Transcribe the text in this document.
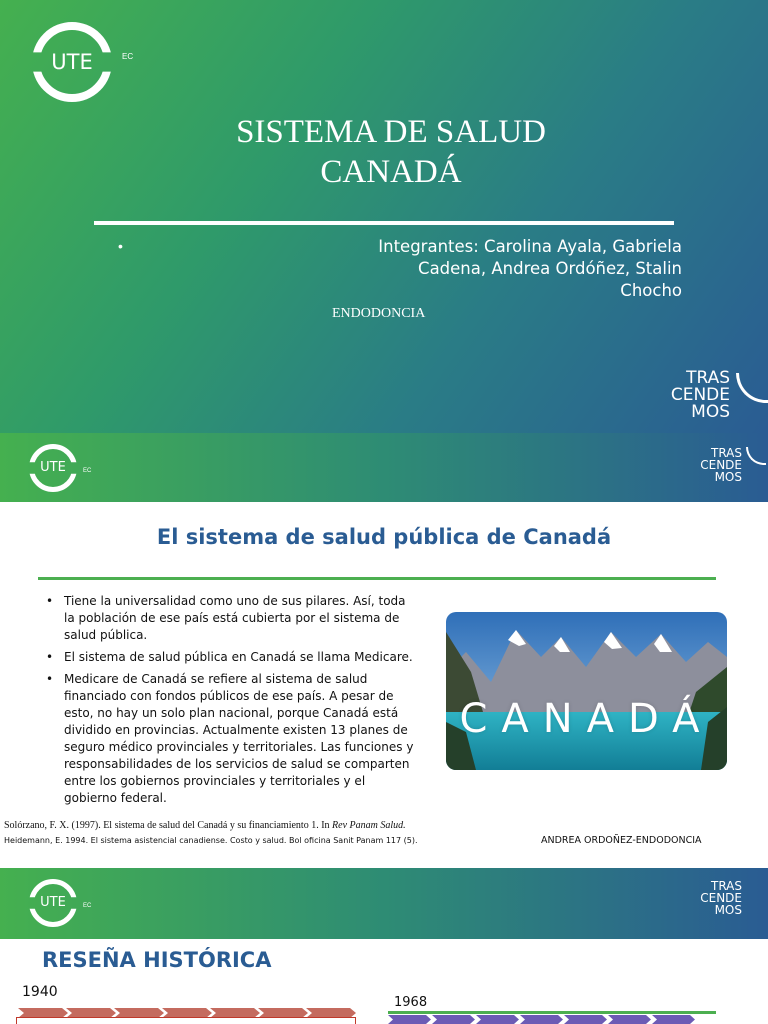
UTE	EC
SISTEMA DE SALUD
CANADÁ
•	Integrantes: Carolina Ayala, Gabriela
Cadena, Andrea Ordóñez, Stalin Chocho
ENDODONCIA
TRAS
CENDE
MOS
UTE	EC
TRAS
CENDE
MOS
El sistema de salud pública de Canadá
• Tiene la universalidad como uno de sus pilares. Así, toda la población de ese país está cubierta por el sistema de salud pública.
• El sistema de salud pública en Canadá se llama Medicare.
• Medicare de Canadá se refiere al sistema de salud financiado con fondos públicos de ese país. A pesar de esto, no hay un solo plan nacional, porque Canadá está dividido en provincias. Actualmente existen 13 planes de seguro médico provinciales y territoriales. Las funciones y responsabilidades de los servicios de salud se comparten entre los gobiernos provinciales y territoriales y el gobierno federal.
CANADÁ
Solórzano, F. X. (1997). El sistema de salud del Canadá y su financiamiento 1. In Rev Panam Salud.
Heidemann, E. 1994. El sistema asistencial canadiense. Costo y salud. Bol oficina Sanit Panam 117 (5).	ANDREA ORDOÑEZ-ENDODONCIA
UTE	EC
TRAS
CENDE
MOS
RESEÑA HISTÓRICA
1940
1968
